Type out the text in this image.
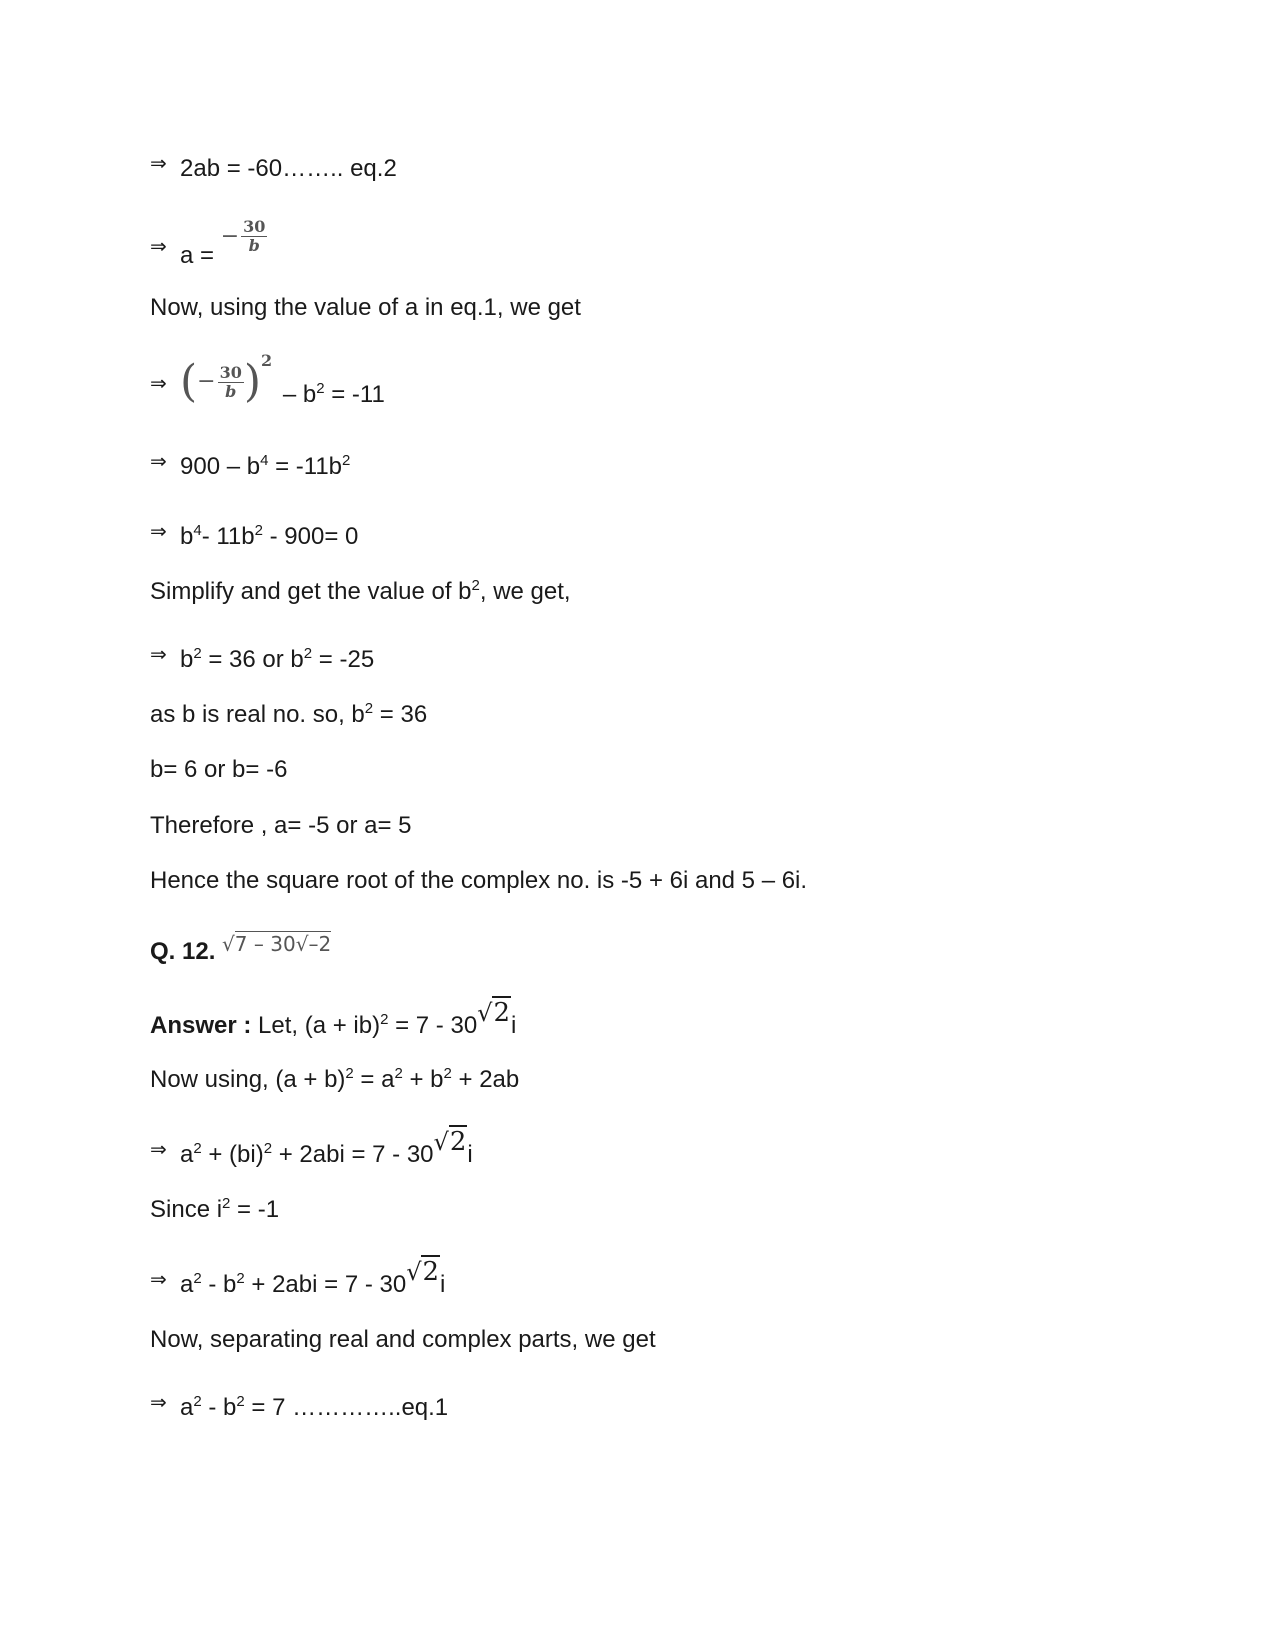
⇒ 2ab = -60…….. eq.2
⇒ a = − $\frac{30}{b}$
Now, using the value of a in eq.1, we get
⇒ (− $\frac{30}{b} )^2 - b^2 = -11$
⇒ $900 - b^4 = -11b^2$
⇒ $b^4-$ $11b^2 - 900= 0$
Simplify and get the value of $b^2$, we get,
⇒ $b^2 = 36$ or $b^2 = -25$
as b is real no. so, $b^2 = 36$
b= 6 or b= -6
Therefore , a= -5 or a= 5
Hence the square root of the complex no. is -5 + 6i and 5 – 6i.
Q. 12. $^{√7 - 30√-2}$
Answer : Let, (a + ib)$^2$ = 7 - 30√2i
Now using, $(a + b)^2 = a^2 + b^2 + 2ab$
⇒ $a^2 + (bi)^2 + 2abi = 7 - 30√2i$
Since $i^2 = -1$
⇒ $a^2 - b^2 + 2abi = 7 - 30√2i$
Now, separating real and complex parts, we get
⇒ $a^2 - b^2 = 7$ …………..eq.1
